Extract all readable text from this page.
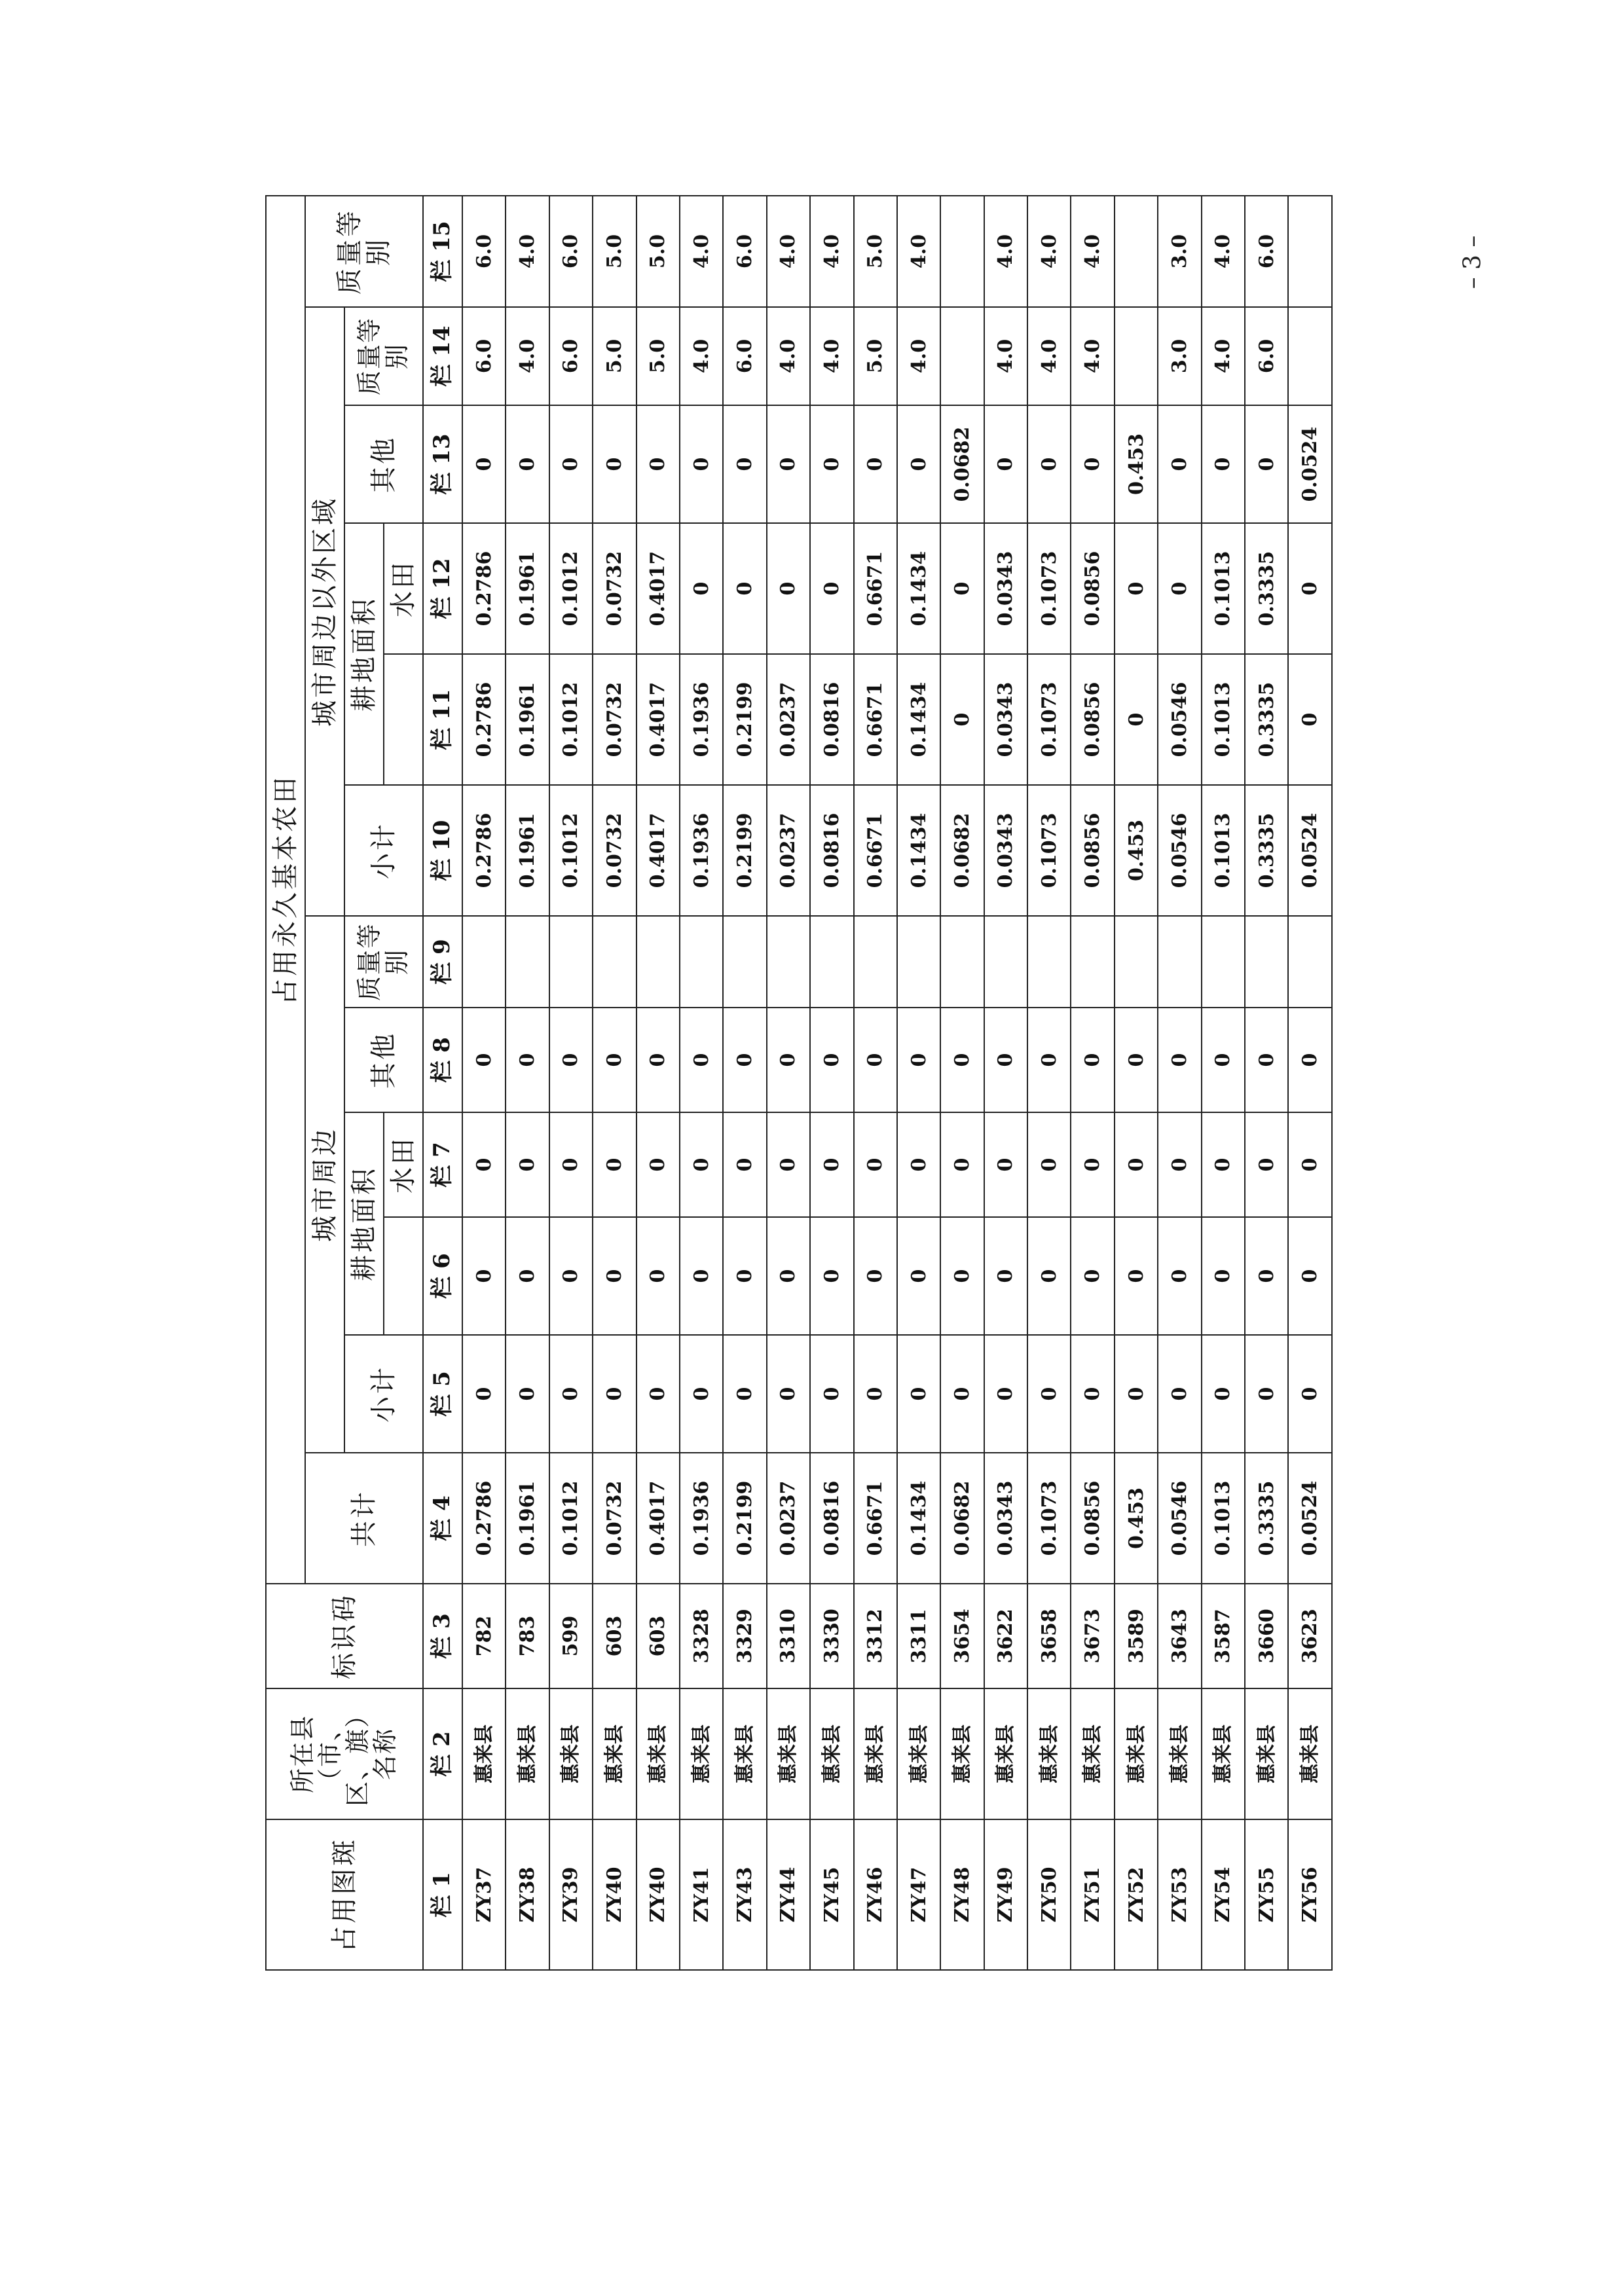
– 3 –
占用图斑	所在县（市、区、旗）名称	标识码	占用永久基本农田											
			共计	城市周边					城市周边以外区域					质量等别
				小计	耕地面积		其他	质量等别	小计	耕地面积		其他	质量等别	
						水田					水田			
栏 1	栏 2	栏 3	栏 4	栏 5	栏 6	栏 7	栏 8	栏 9	栏 10	栏 11	栏 12	栏 13	栏 14	栏 15
ZY37	惠来县	782	0.2786	0	0	0	0		0.2786	0.2786	0.2786	0	6.0	6.0
ZY38	惠来县	783	0.1961	0	0	0	0		0.1961	0.1961	0.1961	0	4.0	4.0
ZY39	惠来县	599	0.1012	0	0	0	0		0.1012	0.1012	0.1012	0	6.0	6.0
ZY40	惠来县	603	0.0732	0	0	0	0		0.0732	0.0732	0.0732	0	5.0	5.0
ZY40	惠来县	603	0.4017	0	0	0	0		0.4017	0.4017	0.4017	0	5.0	5.0
ZY41	惠来县	3328	0.1936	0	0	0	0		0.1936	0.1936	0	0	4.0	4.0
ZY43	惠来县	3329	0.2199	0	0	0	0		0.2199	0.2199	0	0	6.0	6.0
ZY44	惠来县	3310	0.0237	0	0	0	0		0.0237	0.0237	0	0	4.0	4.0
ZY45	惠来县	3330	0.0816	0	0	0	0		0.0816	0.0816	0	0	4.0	4.0
ZY46	惠来县	3312	0.6671	0	0	0	0		0.6671	0.6671	0.6671	0	5.0	5.0
ZY47	惠来县	3311	0.1434	0	0	0	0		0.1434	0.1434	0.1434	0	4.0	4.0
ZY48	惠来县	3654	0.0682	0	0	0	0		0.0682	0	0	0.0682		
ZY49	惠来县	3622	0.0343	0	0	0	0		0.0343	0.0343	0.0343	0	4.0	4.0
ZY50	惠来县	3658	0.1073	0	0	0	0		0.1073	0.1073	0.1073	0	4.0	4.0
ZY51	惠来县	3673	0.0856	0	0	0	0		0.0856	0.0856	0.0856	0	4.0	4.0
ZY52	惠来县	3589	0.453	0	0	0	0		0.453	0	0	0.453		
ZY53	惠来县	3643	0.0546	0	0	0	0		0.0546	0.0546	0	0	3.0	3.0
ZY54	惠来县	3587	0.1013	0	0	0	0		0.1013	0.1013	0.1013	0	4.0	4.0
ZY55	惠来县	3660	0.3335	0	0	0	0		0.3335	0.3335	0.3335	0	6.0	6.0
ZY56	惠来县	3623	0.0524	0	0	0	0		0.0524	0	0	0.0524		
